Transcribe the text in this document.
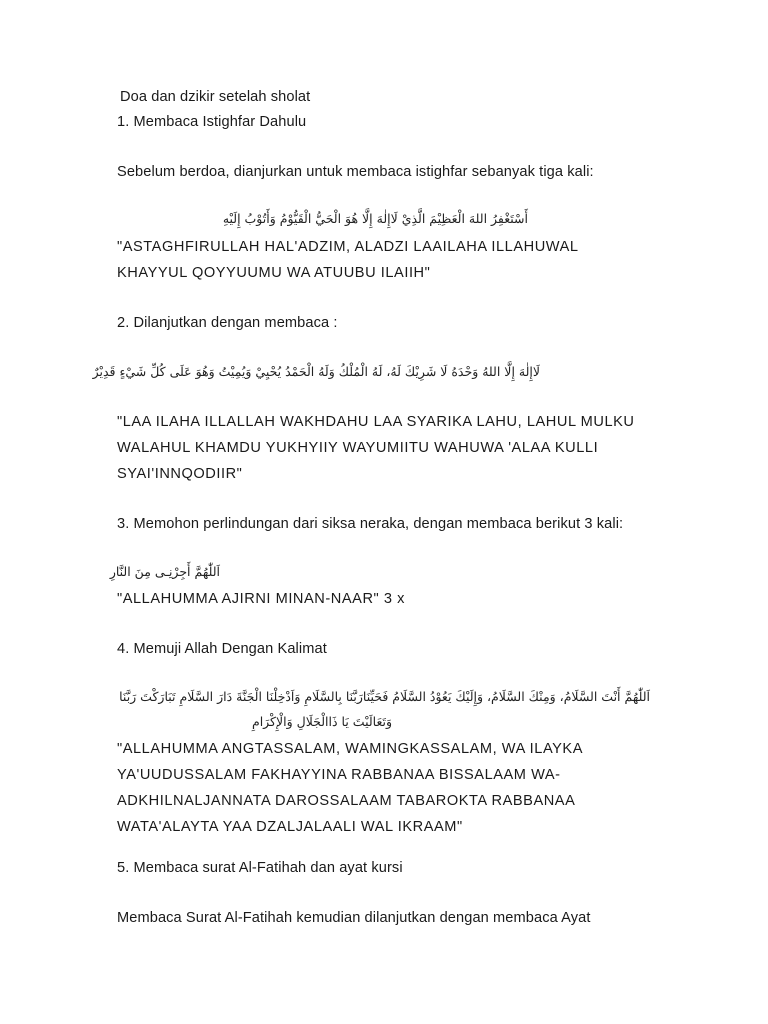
Doa dan dzikir setelah sholat
1. Membaca Istighfar Dahulu
Sebelum berdoa, dianjurkan untuk membaca istighfar sebanyak tiga kali:
أَسْتَغْفِرُ اللهَ الْعَظِيْمَ الَّذِيْ لَاإِلٰهَ إِلَّا هُوَ الْحَيُّ الْقَيُّوْمُ وَأَتُوْبُ إِلَيْهِ
"ASTAGHFIRULLAH HAL'ADZIM, ALADZI LAAILAHA ILLAHUWAL
KHAYYUL QOYYUUMU WA ATUUBU ILAIIH"
2. Dilanjutkan dengan membaca :
لَاإِلٰهَ إِلَّا اللهُ وَحْدَهُ لَا شَرِيْكَ لَهُ، لَهُ الْمُلْكُ وَلَهُ الْحَمْدُ يُحْيِيْ وَيُمِيْتُ وَهُوَ عَلَى كُلِّ شَيْءٍ قَدِيْرٌ
"LAA ILAHA ILLALLAH WAKHDAHU LAA SYARIKA LAHU, LAHUL MULKU
WALAHUL KHAMDU YUKHYIIY WAYUMIITU WAHUWA 'ALAA KULLI
SYAI'INNQODIIR"
3. Memohon perlindungan dari siksa neraka, dengan membaca berikut 3 kali:
اَللّٰهُمَّ أَجِرْنِـى مِنَ النَّارِ
"ALLAHUMMA AJIRNI MINAN-NAAR" 3 x
4. Memuji Allah Dengan Kalimat
اَللّٰهُمَّ أَنْتَ السَّلَامُ، وَمِنْكَ السَّلَامُ، وَإِلَيْكَ يَعُوْدُ السَّلَامُ فَحَيِّنَارَبَّنَا بِالسَّلَامِ وَاَدْخِلْنَا الْجَنَّةَ دَارَ السَّلَامِ تَبَارَكْتَ رَبَّنَا
وَتَعَالَيْتَ يَا ذَاالْجَلَالِ وَالْإِكْرَامِ
"ALLAHUMMA ANGTASSALAM, WAMINGKASSALAM, WA ILAYKA
YA'UUDUSSALAM FAKHAYYINA RABBANAA BISSALAAM WA-
ADKHILNALJANNATA DAROSSALAAM TABAROKTA RABBANAA
WATA'ALAYTA YAA DZALJALAALI WAL IKRAAM"
5. Membaca surat Al-Fatihah dan ayat kursi
Membaca Surat Al-Fatihah kemudian dilanjutkan dengan membaca Ayat
